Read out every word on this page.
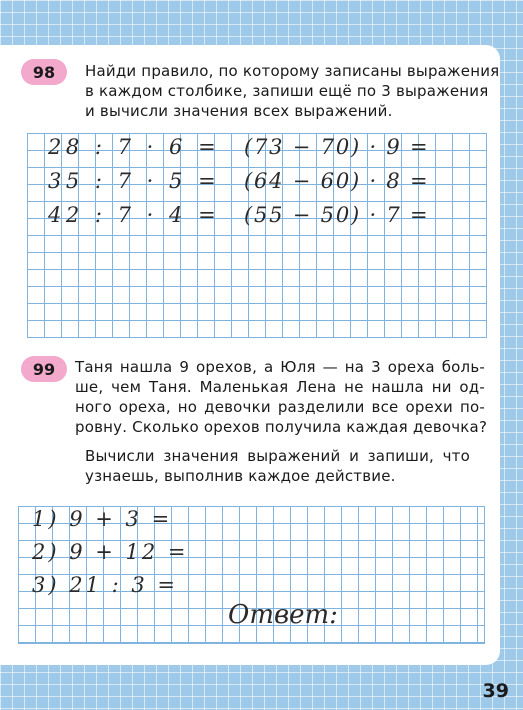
98	Найди правило, по которому записаны выражения
в каждом столбике, запиши ещё по 3 выражения
и вычисли значения всех выражений.

28 : 7 · 6 =

35 : 7 · 5 =

42 : 7 · 4 =

(73 − 70) · 9 =

(64 − 60) · 8 =

(55 − 50) · 7 =

99	Таня нашла 9 орехов, а Юля — на 3 ореха боль-
ше, чем Таня. Маленькая Лена не нашла ни од-
ного ореха, но девочки разделили все орехи по-
ровну. Сколько орехов получила каждая девочка?

Вычисли значения выражений и запиши, что
узнаешь, выполнив каждое действие.

1) 9 + 3 =

2) 9 + 12 =

3) 21 : 3 =

Ответ:

39
